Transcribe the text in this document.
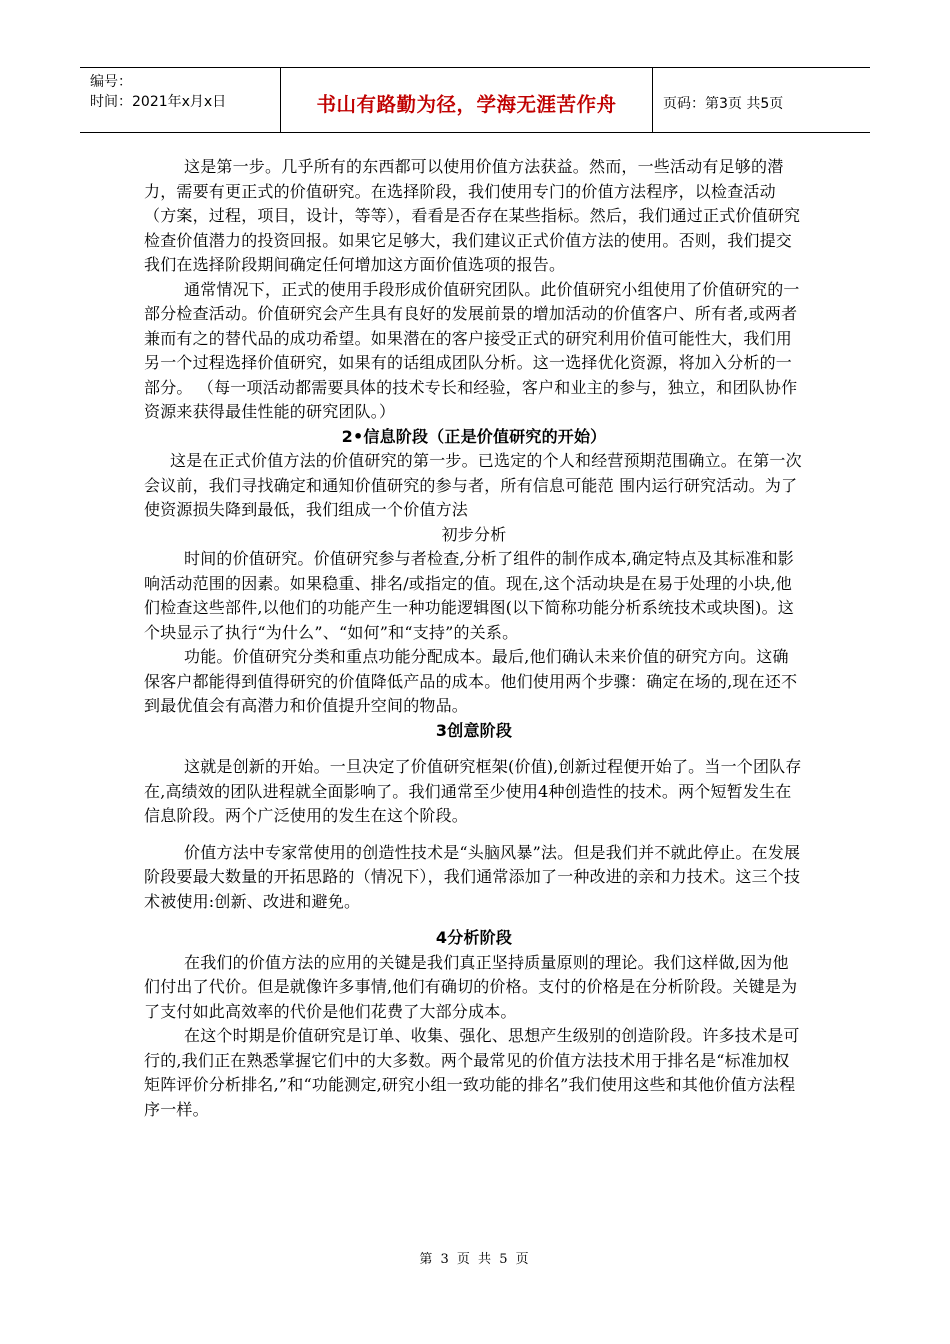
编号：
时间：2021年x月x日	书山有路勤为径，学海无涯苦作舟	页码：第3页 共5页

这是第一步。几乎所有的东西都可以使用价值方法获益。然而，一些活动有足够的潜力，需要有更正式的价值研究。在选择阶段，我们使用专门的价值方法程序，以检查活动（方案，过程，项目，设计，等等），看看是否存在某些指标。然后，我们通过正式价值研究检查价值潜力的投资回报。如果它足够大，我们建议正式价值方法的使用。否则，我们提交我们在选择阶段期间确定任何增加这方面价值选项的报告。

通常情况下，正式的使用手段形成价值研究团队。此价值研究小组使用了价值研究的一部分检查活动。价值研究会产生具有良好的发展前景的增加活动的价值客户、所有者,或两者兼而有之的替代品的成功希望。如果潜在的客户接受正式的研究利用价值可能性大，我们用另一个过程选择价值研究，如果有的话组成团队分析。这一选择优化资源，将加入分析的一部分。 （每一项活动都需要具体的技术专长和经验，客户和业主的参与，独立，和团队协作资源来获得最佳性能的研究团队。）

2•信息阶段（正是价值研究的开始）

这是在正式价值方法的价值研究的第一步。已选定的个人和经营预期范围确立。在第一次会议前，我们寻找确定和通知价值研究的参与者，所有信息可能范 围内运行研究活动。为了使资源损失降到最低，我们组成一个价值方法

初步分析

时间的价值研究。价值研究参与者检查,分析了组件的制作成本,确定特点及其标准和影响活动范围的因素。如果稳重、排名/或指定的值。现在,这个活动块是在易于处理的小块,他们检查这些部件,以他们的功能产生一种功能逻辑图(以下简称功能分析系统技术或块图)。这个块显示了执行“为什么”、“如何”和“支持”的关系。

功能。价值研究分类和重点功能分配成本。最后,他们确认未来价值的研究方向。这确保客户都能得到值得研究的价值降低产品的成本。他们使用两个步骤：确定在场的,现在还不到最优值会有高潜力和价值提升空间的物品。

3创意阶段

这就是创新的开始。一旦决定了价值研究框架(价值),创新过程便开始了。当一个团队存在,高绩效的团队进程就全面影响了。我们通常至少使用4种创造性的技术。两个短暂发生在信息阶段。两个广泛使用的发生在这个阶段。

价值方法中专家常使用的创造性技术是“头脑风暴”法。但是我们并不就此停止。在发展阶段要最大数量的开拓思路的（情况下），我们通常添加了一种改进的亲和力技术。这三个技术被使用:创新、改进和避免。

4分析阶段

在我们的价值方法的应用的关键是我们真正坚持质量原则的理论。我们这样做,因为他们付出了代价。但是就像许多事情,他们有确切的价格。支付的价格是在分析阶段。关键是为了支付如此高效率的代价是他们花费了大部分成本。

在这个时期是价值研究是订单、收集、强化、思想产生级别的创造阶段。许多技术是可行的,我们正在熟悉掌握它们中的大多数。两个最常见的价值方法技术用于排名是“标准加权矩阵评价分析排名,”和“功能测定,研究小组一致功能的排名”我们使用这些和其他价值方法程序一样。

第 3 页 共 5 页
